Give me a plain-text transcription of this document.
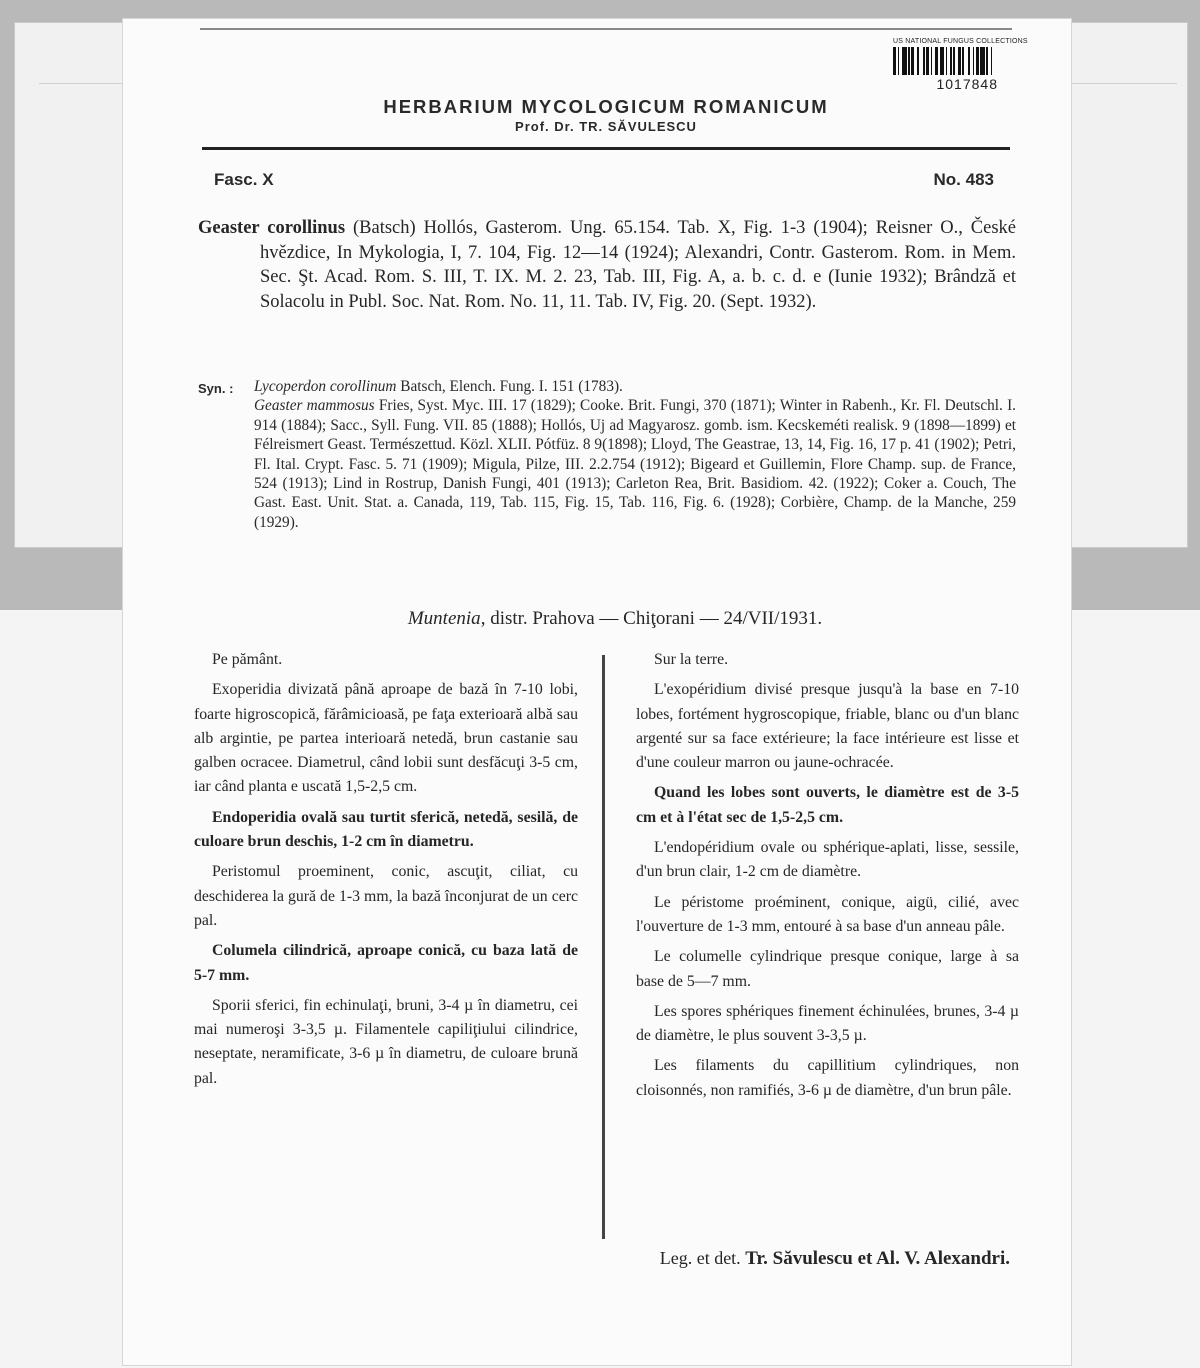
US NATIONAL FUNGUS COLLECTIONS
1017848
HERBARIUM MYCOLOGICUM ROMANICUM
Prof. Dr. TR. SĂVULESCU
Fasc. X	No. 483

Geaster corollinus (Batsch) Hollós, Gasterom. Ung. 65.154. Tab. X, Fig. 1-3 (1904); Reisner O., České hvězdice, In Mykologia, I, 7. 104, Fig. 12—14 (1924); Alexandri, Contr. Gasterom. Rom. in Mem. Sec. Şt. Acad. Rom. S. III, T. IX. M. 2. 23, Tab. III, Fig. A, a. b. c. d. e (Iunie 1932); Brândză et Solacolu in Publ. Soc. Nat. Rom. No. 11, 11. Tab. IV, Fig. 20. (Sept. 1932).

Syn. : Lycoperdon corollinum Batsch, Elench. Fung. I. 151 (1783).
Geaster mammosus Fries, Syst. Myc. III. 17 (1829); Cooke. Brit. Fungi, 370 (1871); Winter in Rabenh., Kr. Fl. Deutschl. I. 914 (1884); Sacc., Syll. Fung. VII. 85 (1888); Hollós, Uj ad Magyarosz. gomb. ism. Kecskeméti realisk. 9 (1898—1899) et Félreismert Geast. Természettud. Közl. XLII. Pótfüz. 8 9(1898); Lloyd, The Geastrae, 13, 14, Fig. 16, 17 p. 41 (1902); Petri, Fl. Ital. Crypt. Fasc. 5. 71 (1909); Migula, Pilze, III. 2.2.754 (1912); Bigeard et Guillemin, Flore Champ. sup. de France, 524 (1913); Lind in Rostrup, Danish Fungi, 401 (1913); Carleton Rea, Brit. Basidiom. 42. (1922); Coker a. Couch, The Gast. East. Unit. Stat. a. Canada, 119, Tab. 115, Fig. 15, Tab. 116, Fig. 6. (1928); Corbière, Champ. de la Manche, 259 (1929).
Muntenia, distr. Prahova — Chiţorani — 24/VII/1931.

Pe pământ.

Exoperidia divizată până aproape de bază în 7-10 lobi, foarte higroscopică, fărâmicioasă, pe faţa exterioară albă sau alb argintie, pe partea interioară netedă, brun castanie sau galben ocracee. Diametrul, când lobii sunt desfăcuţi 3-5 cm, iar când planta e uscată 1,5-2,5 cm.

Endoperidia ovală sau turtit sferică, netedă, sesilă, de culoare brun deschis, 1-2 cm în diametru.

Peristomul proeminent, conic, ascuţit, ciliat, cu deschiderea la gură de 1-3 mm, la bază înconjurat de un cerc pal.

Columela cilindrică, aproape conică, cu baza lată de 5-7 mm.

Sporii sferici, fin echinulaţi, bruni, 3-4 µ în diametru, cei mai numeroşi 3-3,5 µ. Filamentele capiliţiului cilindrice, neseptate, neramificate, 3-6 µ în diametru, de culoare brună pal.

Sur la terre.

L'exopéridium divisé presque jusqu'à la base en 7-10 lobes, fortément hygroscopique, friable, blanc ou d'un blanc argenté sur sa face extérieure; la face intérieure est lisse et d'une couleur marron ou jaune-ochracée.

Quand les lobes sont ouverts, le diamètre est de 3-5 cm et à l'état sec de 1,5-2,5 cm.

L'endopéridium ovale ou sphérique-aplati, lisse, sessile, d'un brun clair, 1-2 cm de diamètre.

Le péristome proéminent, conique, aigü, cilié, avec l'ouverture de 1-3 mm, entouré à sa base d'un anneau pâle.

Le columelle cylindrique presque conique, large à sa base de 5—7 mm.

Les spores sphériques finement échinulées, brunes, 3-4 µ de diamètre, le plus souvent 3-3,5 µ.

Les filaments du capillitium cylindriques, non cloisonnés, non ramifiés, 3-6 µ de diamètre, d'un brun pâle.

Leg. et det. Tr. Săvulescu et Al. V. Alexandri.
